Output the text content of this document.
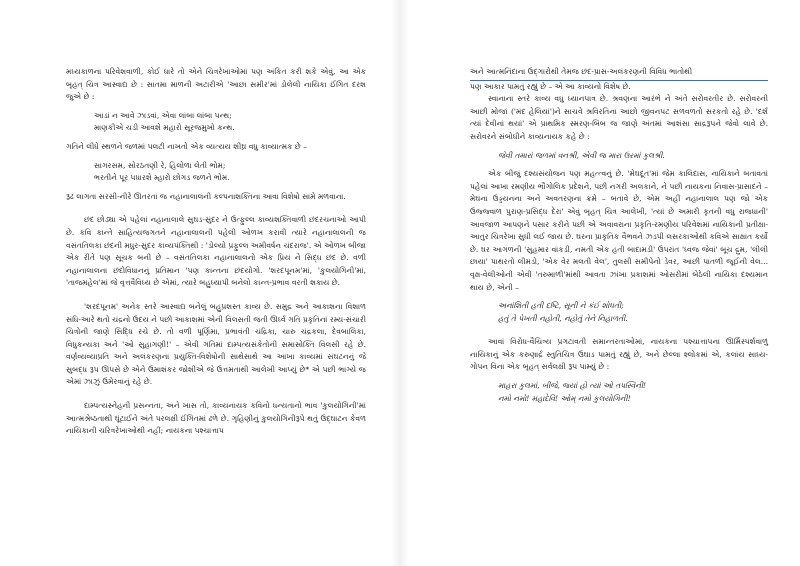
મધ્યકાળના પરિવેશવાળી, કોઈ ધારે તો એને ચિત્રરેખાઓમાં પણ અંકિત કરી શકે એવું, આ એક બૃહત્ ચિત્ર આસ્વાદ્ય છે : સાતમા માળની અટારીએ 'આછા સમીર'માં ડોલેલી નાયિકા ઈંગિત દરશ જુએ છે :

આડાં ન આવે ઝાડવાં, એવા લાંબા લાંબા પન્થ;
માણકીએ ચડી આવશે મહારો સૂરજમુખો કન્થ.

ગતિને લીધે સ્થળને જળમાં પલટી નાખતો એક વ્યત્યય શીઘ્ર વધુ કાવ્યાત્મક છે –

સાગરસમ, સોરઠતણી રે, હિલોળા લેતી ભોમ;
ભરતીને પૂર પધારશે મ્હારો છોગડ જળને ભોમ.

રૂઢ લાગતા સરસી-નીરે ઊતરતાં જ નહાનાલાલની કલ્પનાશક્તિના આવા વિશેષો સામે મળવાના.

છંદ છોડ્યા એ પહેલાં નહાનાલાલે સુઘડ-સુંદર ને ઉત્ફુલ્લ કાવ્યશક્તિવાળી છંદરચનાઓ આપી છે. કવિ કાન્તે સાહિત્યજગતને નહાનાલાલની પહેલી ઓળખ કરાવી ત્યારે નહાનાલાલની જ વસંતતિલકા છંદની મધુર-સુંદર કાવ્યપંક્તિથી : 'ડોલ્યો પ્રફુલ્લ અમીવર્ષન ચંદરાજ'. એ ઓળખ બીજા એક રીતે પણ સૂચક બની છે – વસંતતિલકા નહાનાલાલનો એક પ્રિય ને સિદ્ધ છંદ છે. વળી નહાનાલાલના છંદોવિધાનનું પ્રતિમાન 'પણ કાન્તના છંદયોગો. 'શરદપૂનમ'માં, 'કુલયોગિની'માં, 'તાજમહેલ'માં જે વૃત્તવૈવિધ્ય છે એમાં, ત્યારે બહુધ્યાપી બનેલો કાન્ત-પ્રભાવ વરતી શકાય છે.

'શરદપૂનમ' અનેક સ્તરે આસ્વાદ્ય બનેલું બહુપ્રશસ્ત કાવ્ય છે. સમુદ્ર અને આકાશના વિશાળ સંધિ-આરે થતો ચંદ્રનો ઉદય ને પછી આકાશમાં એની વિલસતી જતી ઊર્ધ્વ ગતિ પ્રકૃતિનાં રમ્ય-સંચારી ચિત્રોની જાણે સિદ્ધિ રચે છે. તો વળી પૂર્ણિમા, પ્રભાવંતી ચંદ્રિકા, ચારુ ચંદ્રકલા, દેવબાલિકા, વિધુકન્યકા અને 'ઓ સુહાગણી!' – એવી ગતિમાં દામ્પત્યસંકેતોની સમાસોક્તિ વિલસી રહે છે. વર્ણવ્યવ્યાપ્રતિ અને અલંકરણના પ્રયુક્તિ-વિશેષોની સાથેસાથે આ આખા કાવ્યમાં સંઘટનનું જે સુબદ્ધ રૂપ ઊપસે છે એને ઉમાશંકર જોશીએ જે ઉત્તમતાથી આલેખી આપ્યું છે* એ પછી ભાગ્યે જ એમાં ઝાઝું ઉમેરવાનું રહે છે.

દામ્પત્યસ્નેહની પ્રસન્નતા, અને ખાસ તો, કાવ્યનાયક કવિનો ધન્યતાનો ભાવ 'કુલયોગિની'માં આત્મશ્રેષ્ઠતાથી ઘૂંટાઈને અંતે પરલક્ષી ઈંગિતમાં ઢળે છે. ગૃહિણીનું કુલયોગિનીરૂપે થતું ઉદ્‌ઘાટન કેવળ નાયિકાની ચરિત્રરેખાઓથી નહીં; નાયકના પશ્ચાત્તાપ

અને આત્મનિંદાના ઉદ્‌ગારોથી તેમજ છંદ-પ્રાસ-અલંકરણની વિવિધ ભાતોથી
પણ આકાર પામતું રહ્યું છે – એ આ કાવ્યનો વિશેષ છે.

સ્વાનાના સ્તરે કાવ્ય વધુ ધ્યાનપાત્ર છે. શ્રવણના આરંભે ને અંતે સરોવરતીર છે. સરોવરની આછી મોજાં ('મંદ હેલિયાં')ને સાચવે શ્રવિરતિના આછો જીવનપટ સળવળતો સરકતો રહે છે. 'દર્શ ત્યાં દેવીનાં થયાં' એ પ્રાથમિક સ્મરણ-બિંબ જ જાણે અંતમાં આશંસા સાદ્રરૂપને જેવો લાવે છે. સરોવરને સંબોધીને કાવ્યનાયક કહે છે :

જેવી તમારાં જળમાં વનશ્રી, એવી જ મારા ઉરમાં કુલશ્રી.

એક બીજું દશ્યસંયોજન પણ મહત્ત્વનું છે. 'મેઘદૂત'માં જેમ કાલિદાસ, નાયિકાને બતાવતાં પહેલાં આખા રમણીય ભૌગોલિક પ્રદેશને, પછી નગરી અલકાને, ને પછી નાયકના નિવાસ-પ્રાસાદને – મેઘના ઉડ્ડયનના અને અવતરણના ક્રમે – બતાવે છે, એમ અહીં નહાનાલાલ પણ જો એક ઉજ્જ્વાળ પુરાણ-પ્રસિદ્ધ દેરા' એવું બૃહત્‌ ચિત્ર આલેખી, 'ત્યાં છે અમારી કૃતની વધુ રાજધાની' આવજાળ આપણને પસાર કરીને પછી એ અવાવરાના પ્રકૃતિ-રમણીય પરિવેશમાં નાયિકાની પ્રતીક્ષા-આતુર ચિત્રરેખા સુધી લઈ જાય છે. ઘરના પ્રાકૃતિક વૈભવને ઝડપી લસરકાઓથી કવિએ સાક્ષાત કર્યો છે. ઘર આગળની 'સુહૃમાર વાંકડી, નમતી એક હતી બાદામડી' ઉપરાંત 'ધ્વજ જેવાં' બૂચ દ્રુમ, 'લીલી છાયા' પાથરતો લીમડો, 'એક વેર મલતી વેલ', તુલસી સમીપેનો ડેવર, આછી પાતળી જૂઈની વેલ... વૃક્ષ-વેલીઓની એવી 'તરુમાળી'માંથી આવતા ઝાંખા પ્રકાશમાં ઓસરીમાં બેઠેલી નાયિકા દશ્યમાન થાય છે, એની –

અનાંશિતી હતી દષ્ટિ, સૂની ને કંઈ શોધતી;
હતું તે પેખતી નહોતી, નહોતું તેને નિહાળતી.

આવાં વિરોધ-વૈચિત્ર્ય પ્રગટાવતી સમાન્તરતાઓમાં, નાયકના પશ્ચાત્તાપના ઊર્મિસ્પર્શવાળું નાયિકાનું એક કરુણાર્દ્ર સ્તુતિચિત્ર ઉઘાડ પામતું રહ્યું છે, અને છેલ્લા શ્લોકમાં એ, કલાંય સાધ્ય-ગોપન વિના એક બૃહત્ સર્વલક્ષી રૂપ પામ્યું છે :

માહરા કુલમાં, બીજે, જ્યાં હો ત્યાં ઓ તપસ્વિની!
નમો નમો! મહાદેવિ! ઓમ્ નમો કુલયોગિની!
